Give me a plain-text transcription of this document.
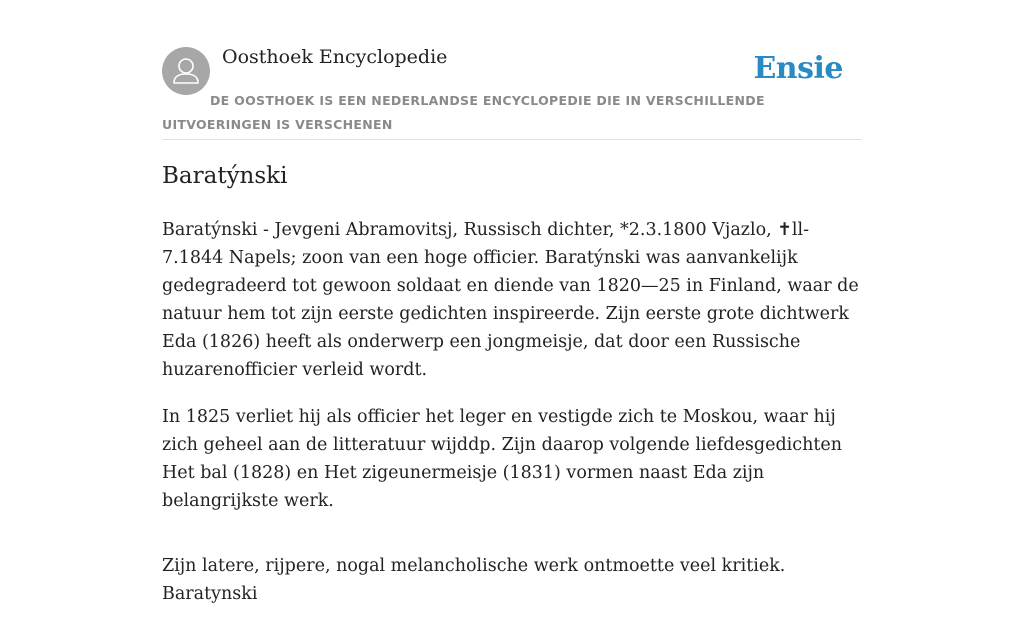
Oosthoek Encyclopedie	Ensie
DE OOSTHOEK IS EEN NEDERLANDSE ENCYCLOPEDIE DIE IN VERSCHILLENDE UITVOERINGEN IS VERSCHENEN
Baratýnski

Baratýnski - Jevgeni Abramovitsj, Russisch dichter, *2.3.1800 Vjazlo, ✝ll-7.1844 Napels; zoon van een hoge officier. Baratýnski was aanvankelijk gedegradeerd tot gewoon soldaat en diende van 1820—25 in Finland, waar de natuur hem tot zijn eerste gedichten inspireerde. Zijn eerste grote dichtwerk Eda (1826) heeft als onderwerp een jongmeisje, dat door een Russische huzarenofficier verleid wordt.

In 1825 verliet hij als officier het leger en vestigde zich te Moskou, waar hij zich geheel aan de litteratuur wijddp. Zijn daarop volgende liefdesgedichten Het bal (1828) en Het zigeunermeisje (1831) vormen naast Eda zijn belangrijkste werk.

Zijn latere, rijpere, nogal melancholische werk ontmoette veel kritiek. Baratynski
